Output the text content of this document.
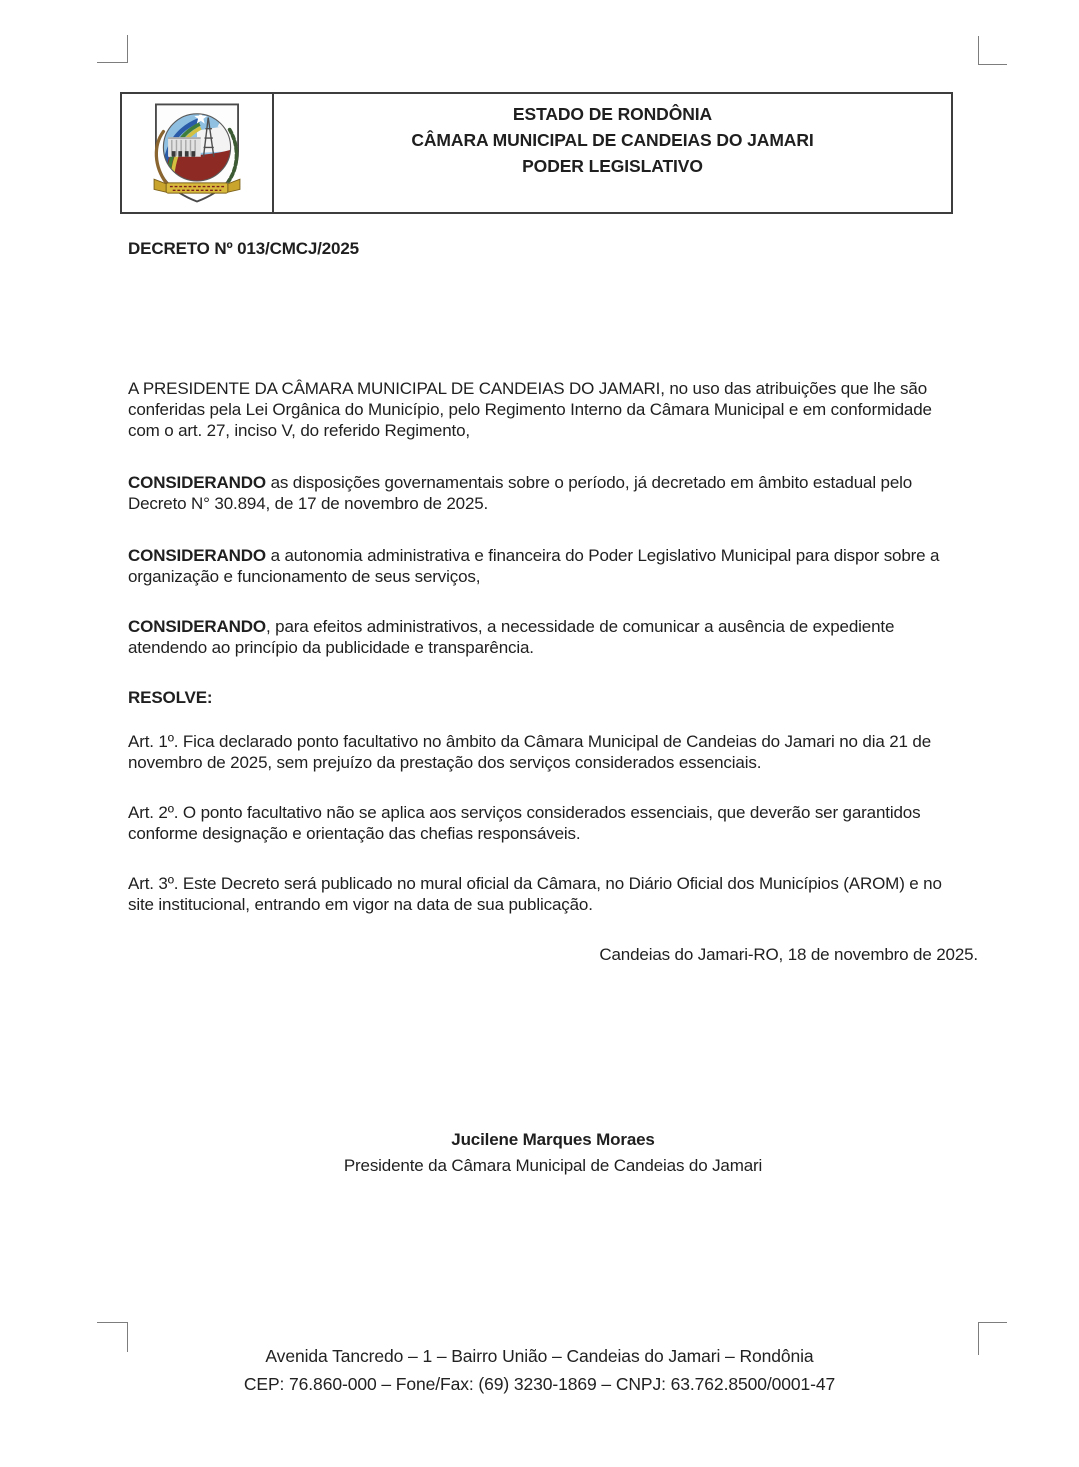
ESTADO DE RONDÔNIA
CÂMARA MUNICIPAL DE CANDEIAS DO JAMARI
PODER LEGISLATIVO
DECRETO Nº 013/CMCJ/2025
A PRESIDENTE DA CÂMARA MUNICIPAL DE CANDEIAS DO JAMARI, no uso das atribuições que lhe são conferidas pela Lei Orgânica do Município, pelo Regimento Interno da Câmara Municipal e em conformidade com o art. 27, inciso V, do referido Regimento,
CONSIDERANDO as disposições governamentais sobre o período, já decretado em âmbito estadual pelo Decreto N° 30.894, de 17 de novembro de 2025.
CONSIDERANDO a autonomia administrativa e financeira do Poder Legislativo Municipal para dispor sobre a organização e funcionamento de seus serviços,
CONSIDERANDO, para efeitos administrativos, a necessidade de comunicar a ausência de expediente atendendo ao princípio da publicidade e transparência.
RESOLVE:
Art. 1º. Fica declarado ponto facultativo no âmbito da Câmara Municipal de Candeias do Jamari no dia 21 de novembro de 2025, sem prejuízo da prestação dos serviços considerados essenciais.
Art. 2º. O ponto facultativo não se aplica aos serviços considerados essenciais, que deverão ser garantidos conforme designação e orientação das chefias responsáveis.
Art. 3º. Este Decreto será publicado no mural oficial da Câmara, no Diário Oficial dos Municípios (AROM) e no site institucional, entrando em vigor na data de sua publicação.
Candeias do Jamari-RO, 18 de novembro de 2025.
Jucilene Marques Moraes
Presidente da Câmara Municipal de Candeias do Jamari
Avenida Tancredo – 1 – Bairro União – Candeias do Jamari – Rondônia
CEP: 76.860-000 – Fone/Fax: (69) 3230-1869 – CNPJ: 63.762.8500/0001-47
